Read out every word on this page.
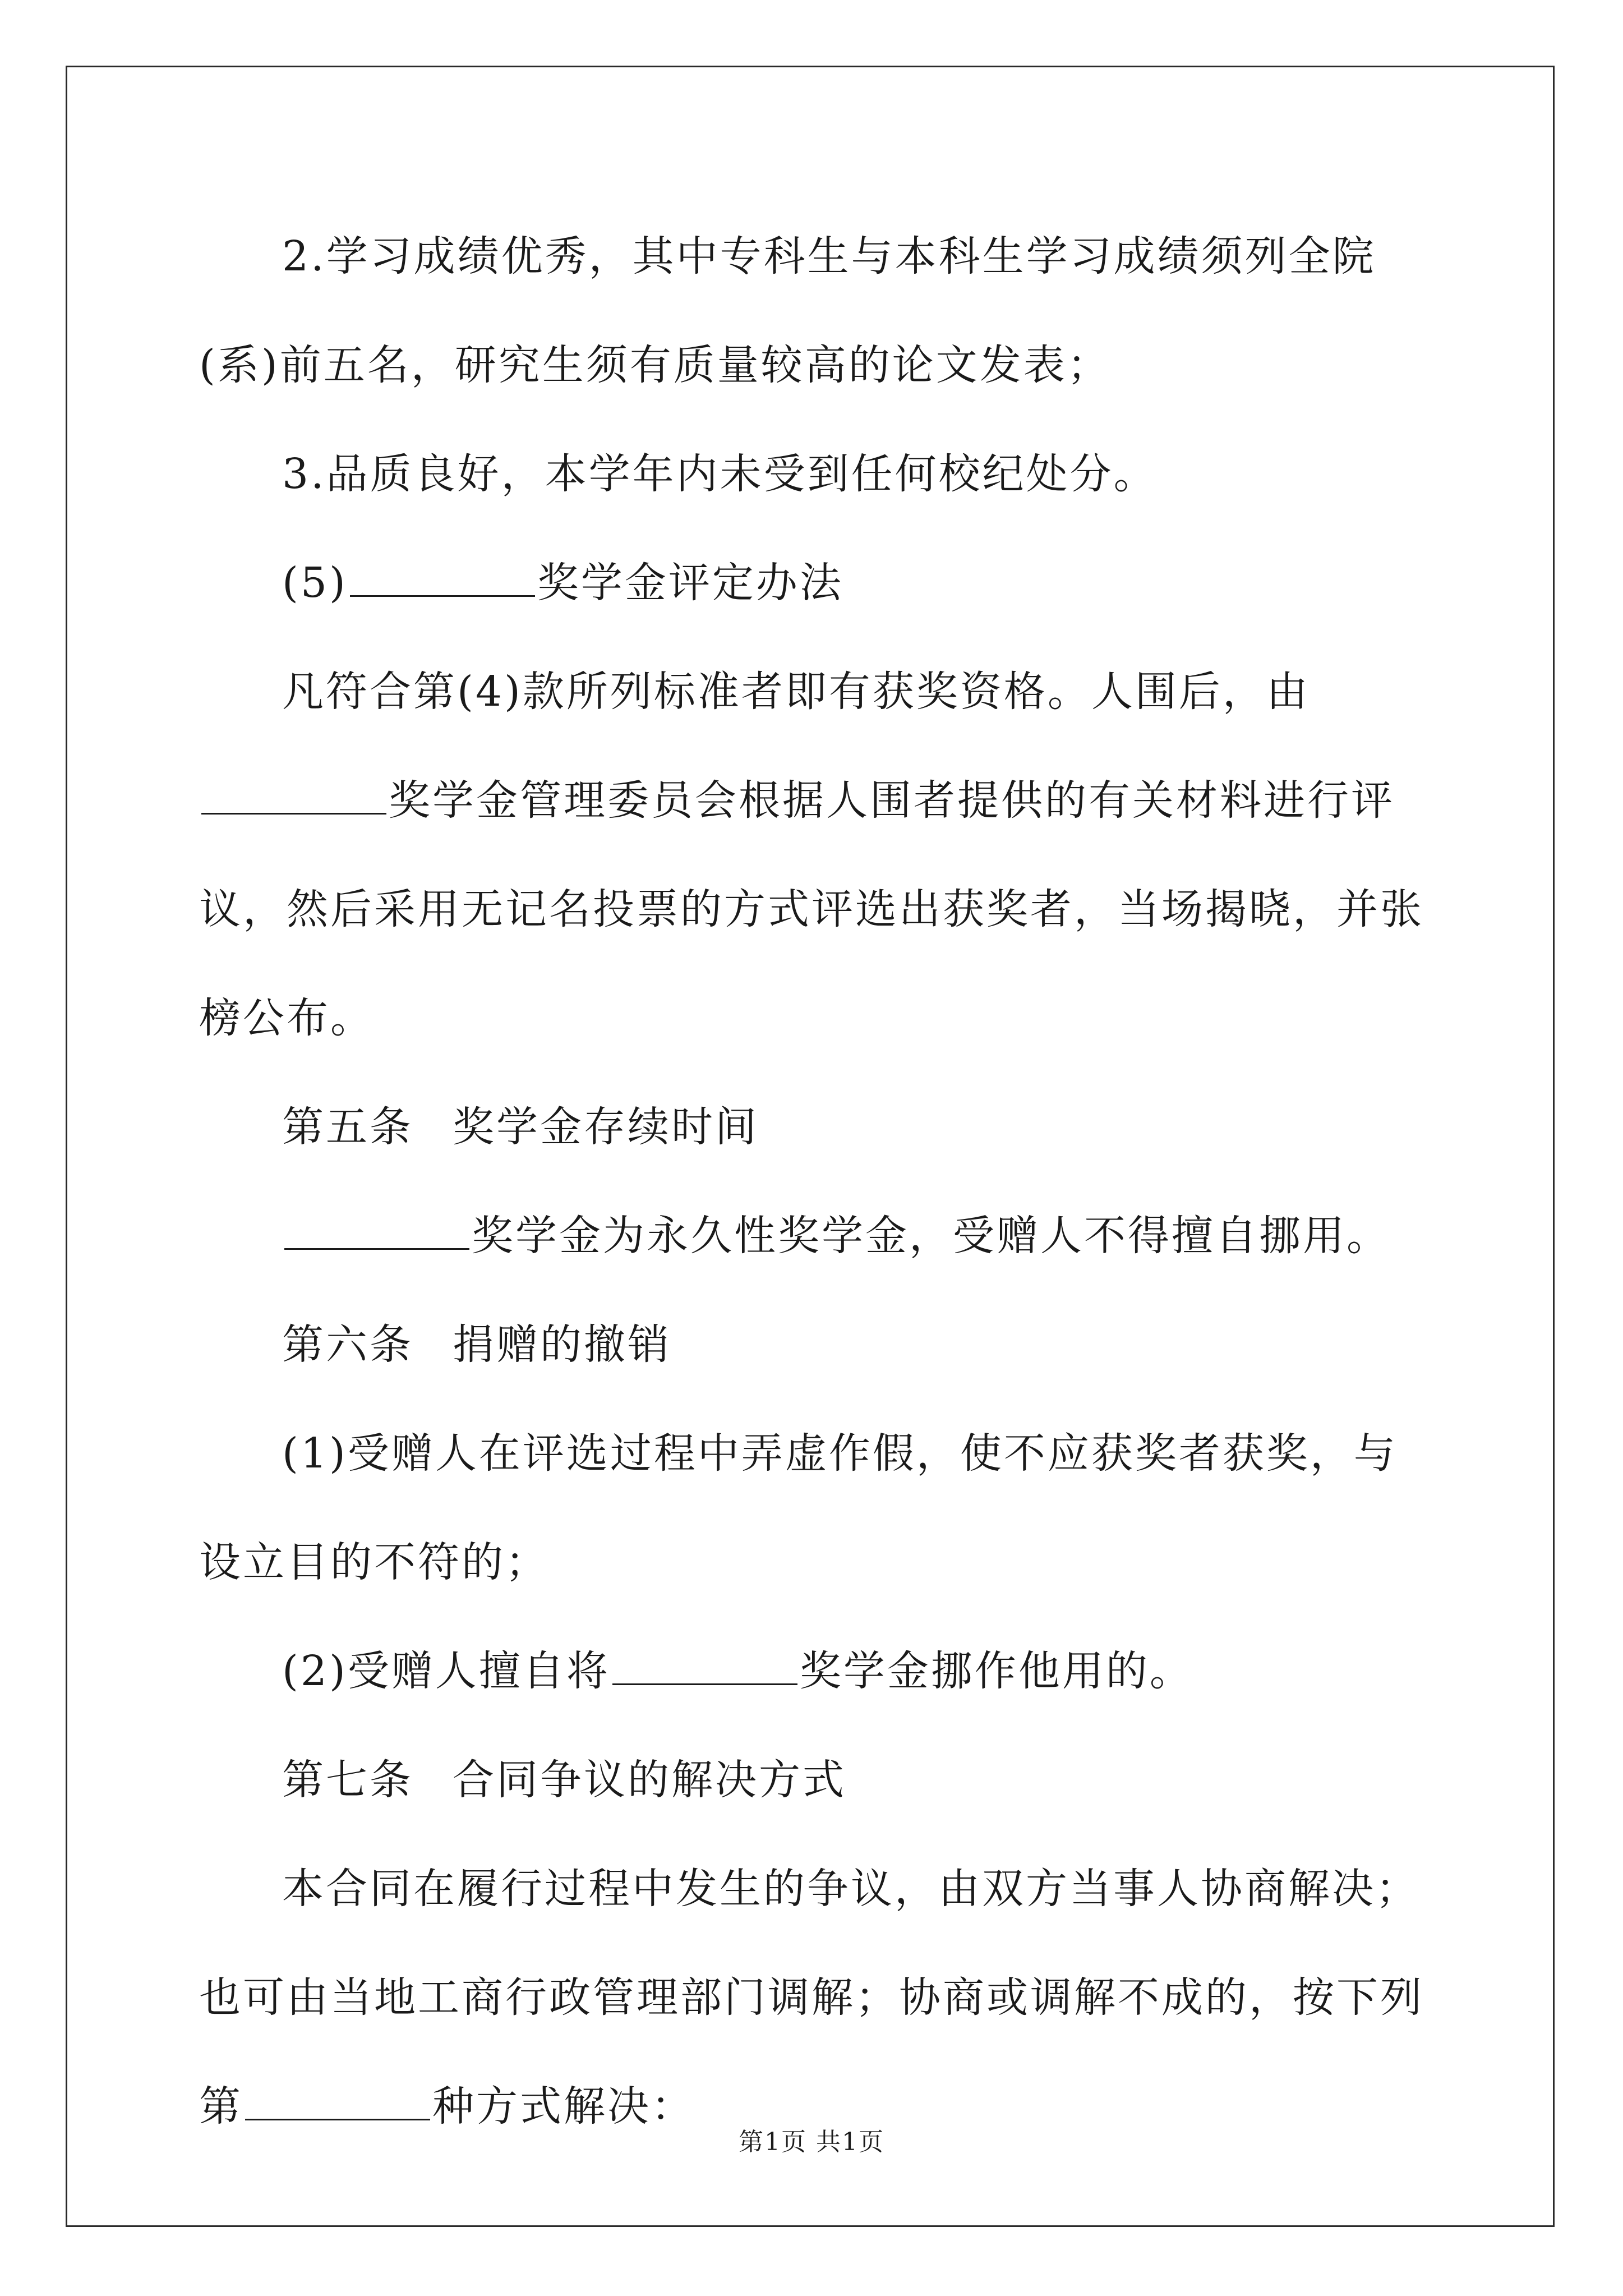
2.学习成绩优秀，其中专科生与本科生学习成绩须列全院(系)前五名，研究生须有质量较高的论文发表；

3.品质良好，本学年内未受到任何校纪处分。

(5)	奖学金评定办法

凡符合第(4)款所列标准者即有获奖资格。人围后，由奖学金管理委员会根据人围者提供的有关材料进行评议，然后采用无记名投票的方式评选出获奖者，当场揭晓，并张榜公布。

第五条 奖学金存续时间

奖学金为永久性奖学金，受赠人不得擅自挪用。

第六条 捐赠的撤销

(1)受赠人在评选过程中弄虚作假，使不应获奖者获奖，与设立目的不符的；

(2)受赠人擅自将	奖学金挪作他用的。

第七条 合同争议的解决方式

本合同在履行过程中发生的争议，由双方当事人协商解决；也可由当地工商行政管理部门调解；协商或调解不成的，按下列第	种方式解决：

第1页 共1页
